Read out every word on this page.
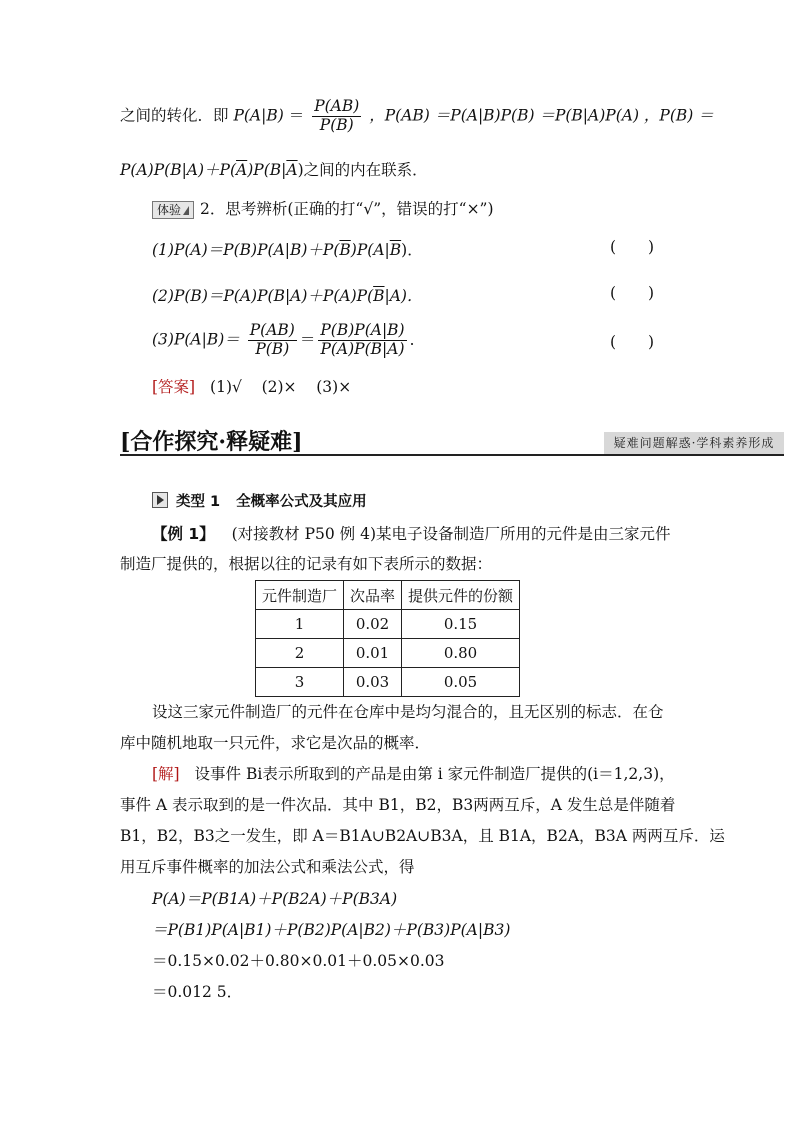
之间的转化．即 $P(A|B) = \frac{P(AB)}{P(B)}$ ，P(AB) ＝P(A|B)P(B) ＝P(B|A)P(A) ，P(B) ＝
$P(A)P(B|A)+P(\overline{A})P(B|\overline{A})$之间的内在联系．
体验 2．思考辨析(正确的打“√”，错误的打“×”)
$(1)P(A)=P(B)P(A|B)+P(\overline{B})P(A|\overline{B})$．	( )
$(2)P(B)=P(A)P(B|A)+P(A)P(\overline{B}|A)$．	( )
$(3)P(A|B)= \frac{P(AB)}{P(B)} = \frac{P(B)P(A|B)}{P(A)P(B|A)}$ ．	( )
[答案] (1)√    (2)×    (3)×
[合作探究·释疑难]	疑难问题解惑·学科素养形成
类型 1 全概率公式及其应用
【例 1】 (对接教材 P50 例 4)某电子设备制造厂所用的元件是由三家元件
制造厂提供的，根据以往的记录有如下表所示的数据：
元件制造厂	次品率	提供元件的份额
1	0.02	0.15
2	0.01	0.80
3	0.03	0.05
设这三家元件制造厂的元件在仓库中是均匀混合的，且无区别的标志．在仓
库中随机地取一只元件，求它是次品的概率．
[解] 设事件 Bi表示所取到的产品是由第 i 家元件制造厂提供的(i＝1,2,3)，
事件 A 表示取到的是一件次品．其中 B1，B2，B3两两互斥，A 发生总是伴随着
B1，B2，B3之一发生，即 A＝B1A∪B2A∪B3A，且 B1A，B2A，B3A 两两互斥．运
用互斥事件概率的加法公式和乘法公式，得
P(A)＝P(B1A)＋P(B2A)＋P(B3A)
＝P(B1)P(A|B1)＋P(B2)P(A|B2)＋P(B3)P(A|B3)
＝0.15×0.02＋0.80×0.01＋0.05×0.03
＝0.012 5．
